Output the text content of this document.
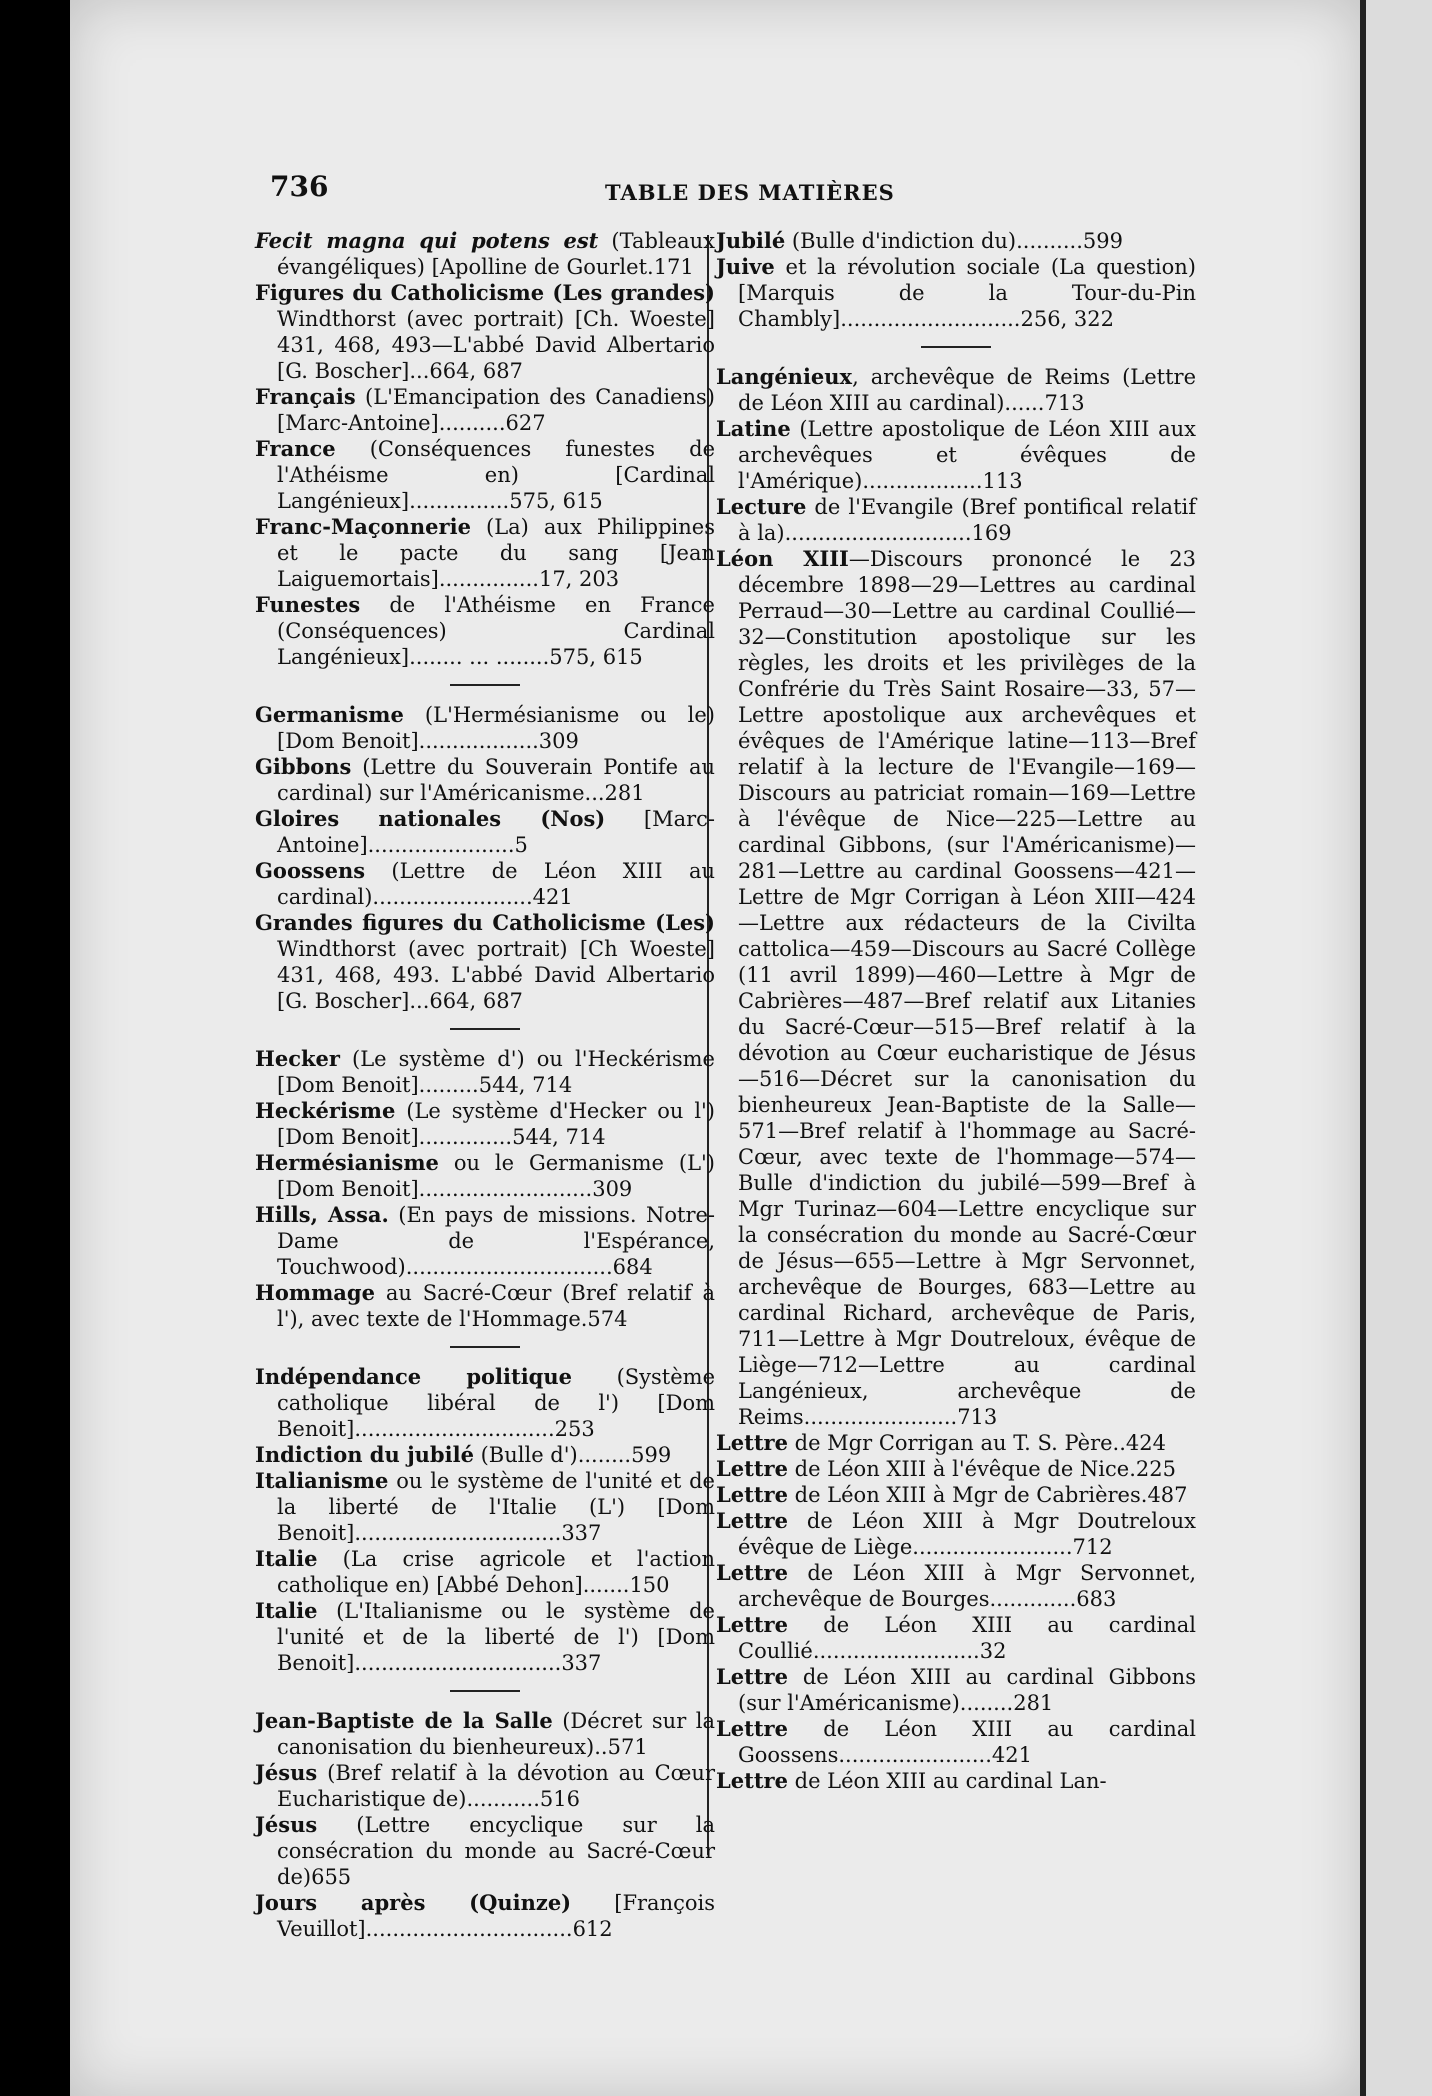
736	TABLE DES MATIÈRES

Fecit magna qui potens est (Tableaux évangéliques) [Apolline de Gourlet.171

Figures du Catholicisme (Les grandes) Windthorst (avec portrait) [Ch. Woeste] 431, 468, 493—L'abbé David Albertario [G. Boscher]...664, 687

Français (L'Emancipation des Canadiens) [Marc-Antoine]..........627

France (Conséquences funestes de l'Athéisme en) [Cardinal Langénieux]...............575, 615

Franc-Maçonnerie (La) aux Philippines et le pacte du sang [Jean Laiguemortais]...............17, 203

Funestes de l'Athéisme en France (Conséquences) Cardinal Langénieux]........ ... ........575, 615

Germanisme (L'Hermésianisme ou le) [Dom Benoit]..................309

Gibbons (Lettre du Souverain Pontife au cardinal) sur l'Américanisme...281

Gloires nationales (Nos) [Marc-Antoine]......................5

Goossens (Lettre de Léon XIII au cardinal)........................421

Grandes figures du Catholicisme (Les) Windthorst (avec portrait) [Ch Woeste] 431, 468, 493. L'abbé David Albertario [G. Boscher]...664, 687

Hecker (Le système d') ou l'Heckérisme [Dom Benoit].........544, 714

Heckérisme (Le système d'Hecker ou l') [Dom Benoit]..............544, 714

Hermésianisme ou le Germanisme (L') [Dom Benoit]..........................309

Hills, Assa. (En pays de missions. Notre-Dame de l'Espérance, Touchwood)...............................684

Hommage au Sacré-Cœur (Bref relatif à l'), avec texte de l'Hommage.574

Indépendance politique (Système catholique libéral de l') [Dom Benoit]..............................253

Indiction du jubilé (Bulle d')........599

Italianisme ou le système de l'unité et de la liberté de l'Italie (L') [Dom Benoit]...............................337

Italie (La crise agricole et l'action catholique en) [Abbé Dehon].......150

Italie (L'Italianisme ou le système de l'unité et de la liberté de l') [Dom Benoit]...............................337

Jean-Baptiste de la Salle (Décret sur la canonisation du bienheureux)..571

Jésus (Bref relatif à la dévotion au Cœur Eucharistique de)...........516

Jésus (Lettre encyclique sur la consécration du monde au Sacré-Cœur de)655

Jours après (Quinze) [François Veuillot]...............................612

Jubilé (Bulle d'indiction du)..........599

Juive et la révolution sociale (La question) [Marquis de la Tour-du-Pin Chambly]...........................256, 322

Langénieux, archevêque de Reims (Lettre de Léon XIII au cardinal)......713

Latine (Lettre apostolique de Léon XIII aux archevêques et évêques de l'Amérique)..................113

Lecture de l'Evangile (Bref pontifical relatif à la)............................169

Léon XIII—Discours prononcé le 23 décembre 1898—29—Lettres au cardinal Perraud—30—Lettre au cardinal Coullié—32—Constitution apostolique sur les règles, les droits et les privilèges de la Confrérie du Très Saint Rosaire—33, 57—Lettre apostolique aux archevêques et évêques de l'Amérique latine—113—Bref relatif à la lecture de l'Evangile—169—Discours au patriciat romain—169—Lettre à l'évêque de Nice—225—Lettre au cardinal Gibbons, (sur l'Américanisme)—281—Lettre au cardinal Goossens—421—Lettre de Mgr Corrigan à Léon XIII—424—Lettre aux rédacteurs de la Civilta cattolica—459—Discours au Sacré Collège (11 avril 1899)—460—Lettre à Mgr de Cabrières—487—Bref relatif aux Litanies du Sacré-Cœur—515—Bref relatif à la dévotion au Cœur eucharistique de Jésus—516—Décret sur la canonisation du bienheureux Jean-Baptiste de la Salle—571—Bref relatif à l'hommage au Sacré-Cœur, avec texte de l'hommage—574—Bulle d'indiction du jubilé—599—Bref à Mgr Turinaz—604—Lettre encyclique sur la consécration du monde au Sacré-Cœur de Jésus—655—Lettre à Mgr Servonnet, archevêque de Bourges, 683—Lettre au cardinal Richard, archevêque de Paris, 711—Lettre à Mgr Doutreloux, évêque de Liège—712—Lettre au cardinal Langénieux, archevêque de Reims.......................713

Lettre de Mgr Corrigan au T. S. Père..424

Lettre de Léon XIII à l'évêque de Nice.225

Lettre de Léon XIII à Mgr de Cabrières.487

Lettre de Léon XIII à Mgr Doutreloux évêque de Liège........................712

Lettre de Léon XIII à Mgr Servonnet, archevêque de Bourges.............683

Lettre de Léon XIII au cardinal Coullié.........................32

Lettre de Léon XIII au cardinal Gibbons (sur l'Américanisme)........281

Lettre de Léon XIII au cardinal Goossens.......................421

Lettre de Léon XIII au cardinal Lan-
